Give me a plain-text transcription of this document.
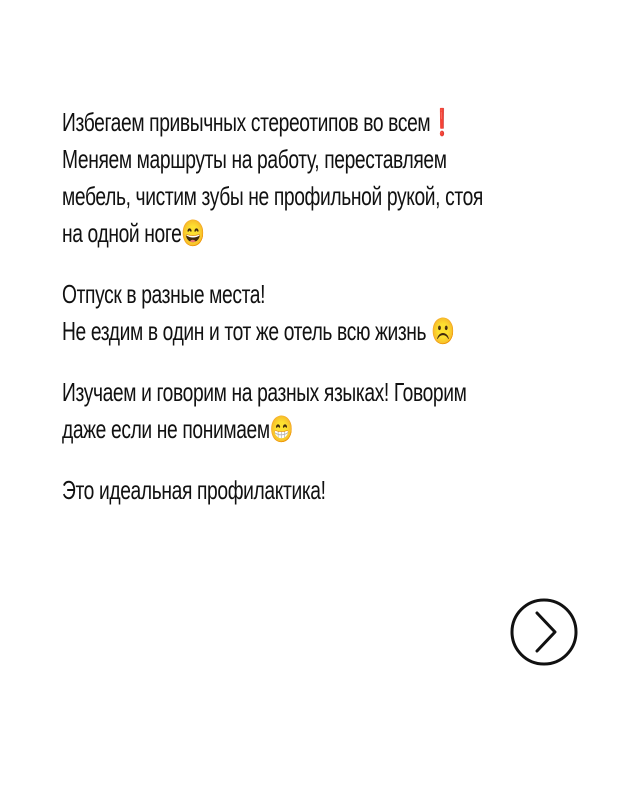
Избегаем привычных стереотипов во всем❗
Меняем маршруты на работу, переставляем
мебель, чистим зубы не профильной рукой, стоя
на одной ноге😄
Отпуск в разные места!
Не ездим в один и тот же отель всю жизнь ☹️
Изучаем и говорим на разных языках! Говорим
даже если не понимаем😁
Это идеальная профилактика!
